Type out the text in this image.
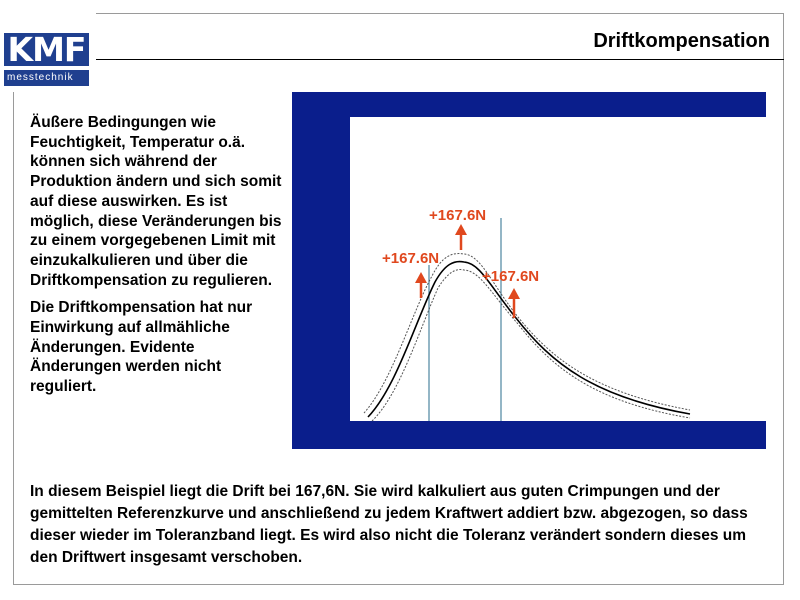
KMF
messtechnik
Driftkompensation

Äußere Bedingungen wie Feuchtigkeit, Temperatur o.ä. können sich während der Produktion ändern und sich somit auf diese auswirken. Es ist möglich, diese Veränderungen bis zu einem vorgegebenen Limit mit einzukalkulieren und über die Driftkompensation zu regulieren.

Die Driftkompensation hat nur Einwirkung auf allmähliche Änderungen. Evidente Änderungen werden nicht reguliert.

+167.6N
+167.6N
+167.6N
In diesem Beispiel liegt die Drift bei 167,6N. Sie wird kalkuliert aus guten Crimpungen und der gemittelten Referenzkurve und anschließend zu jedem Kraftwert addiert bzw. abgezogen, so dass dieser wieder im Toleranzband liegt. Es wird also nicht die Toleranz verändert sondern dieses um den Driftwert insgesamt verschoben.
